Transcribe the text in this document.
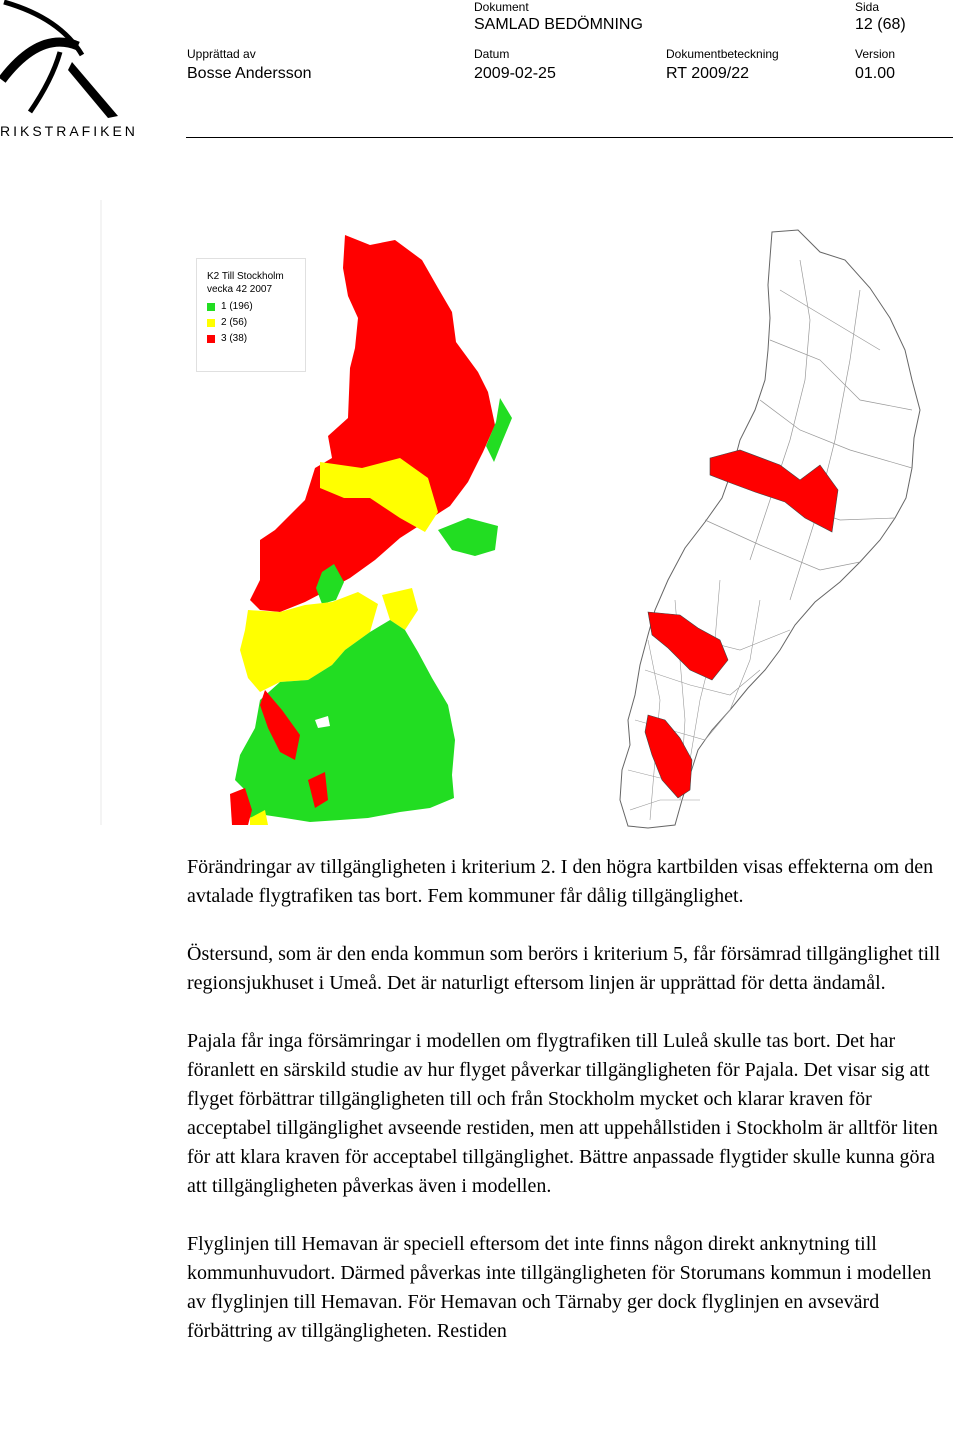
RIKSTRAFIKEN
Dokument
SAMLAD BEDÖMNING
Sida
12 (68)
Upprättad av
Bosse Andersson
Datum
2009-02-25
Dokumentbeteckning
RT 2009/22
Version
01.00
K2 Till Stockholm
vecka 42 2007
1 (196)
2 (56)
3 (38)

Förändringar av tillgängligheten i kriterium 2. I den högra kartbilden visas effekterna om den avtalade flygtrafiken tas bort. Fem kommuner får dålig tillgänglighet.

Östersund, som är den enda kommun som berörs i kriterium 5, får försämrad tillgänglighet till regionsjukhuset i Umeå. Det är naturligt eftersom linjen är upprättad för detta ändamål.

Pajala får inga försämringar i modellen om flygtrafiken till Luleå skulle tas bort. Det har föranlett en särskild studie av hur flyget påverkar tillgängligheten för Pajala. Det visar sig att flyget förbättrar tillgängligheten till och från Stockholm mycket och klarar kraven för acceptabel tillgänglighet avseende restiden, men att uppehållstiden i Stockholm är alltför liten för att klara kraven för acceptabel tillgänglighet. Bättre anpassade flygtider skulle kunna göra att tillgängligheten påverkas även i modellen.

Flyglinjen till Hemavan är speciell eftersom det inte finns någon direkt anknytning till kommunhuvudort. Därmed påverkas inte tillgängligheten för Storumans kommun i modellen av flyglinjen till Hemavan. För Hemavan och Tärnaby ger dock flyglinjen en avsevärd förbättring av tillgängligheten. Restiden
